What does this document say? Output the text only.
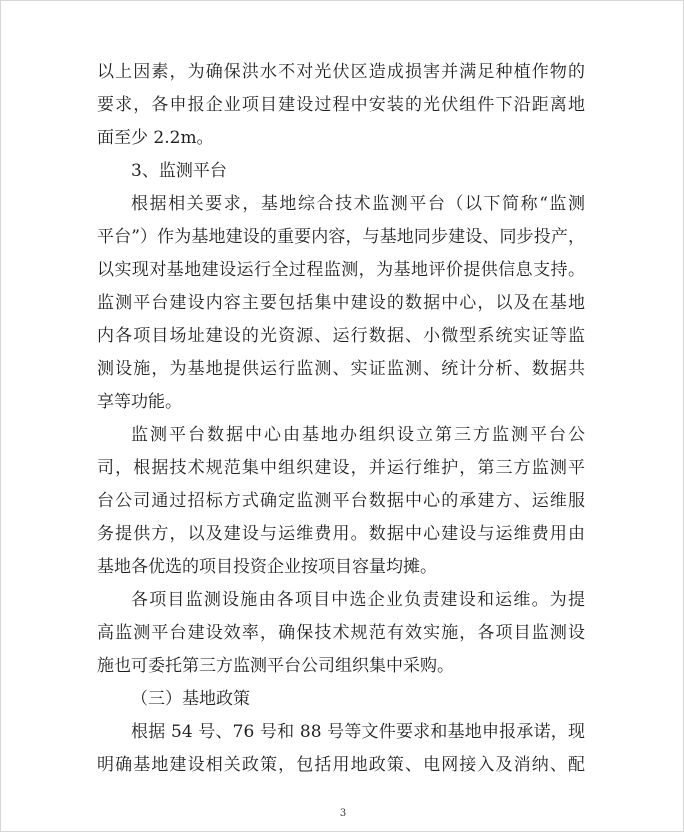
以上因素，为确保洪水不对光伏区造成损害并满足种植作物的
要求，各申报企业项目建设过程中安装的光伏组件下沿距离地
面至少 2.2m。
3、监测平台
根据相关要求，基地综合技术监测平台（以下简称“监测
平台”）作为基地建设的重要内容，与基地同步建设、同步投产，
以实现对基地建设运行全过程监测，为基地评价提供信息支持。
监测平台建设内容主要包括集中建设的数据中心，以及在基地
内各项目场址建设的光资源、运行数据、小微型系统实证等监
测设施，为基地提供运行监测、实证监测、统计分析、数据共
享等功能。
监测平台数据中心由基地办组织设立第三方监测平台公
司，根据技术规范集中组织建设，并运行维护，第三方监测平
台公司通过招标方式确定监测平台数据中心的承建方、运维服
务提供方，以及建设与运维费用。数据中心建设与运维费用由
基地各优选的项目投资企业按项目容量均摊。
各项目监测设施由各项目中选企业负责建设和运维。为提
高监测平台建设效率，确保技术规范有效实施，各项目监测设
施也可委托第三方监测平台公司组织集中采购。
（三）基地政策
根据 54 号、76 号和 88 号等文件要求和基地申报承诺，现
明确基地建设相关政策，包括用地政策、电网接入及消纳、配
3
